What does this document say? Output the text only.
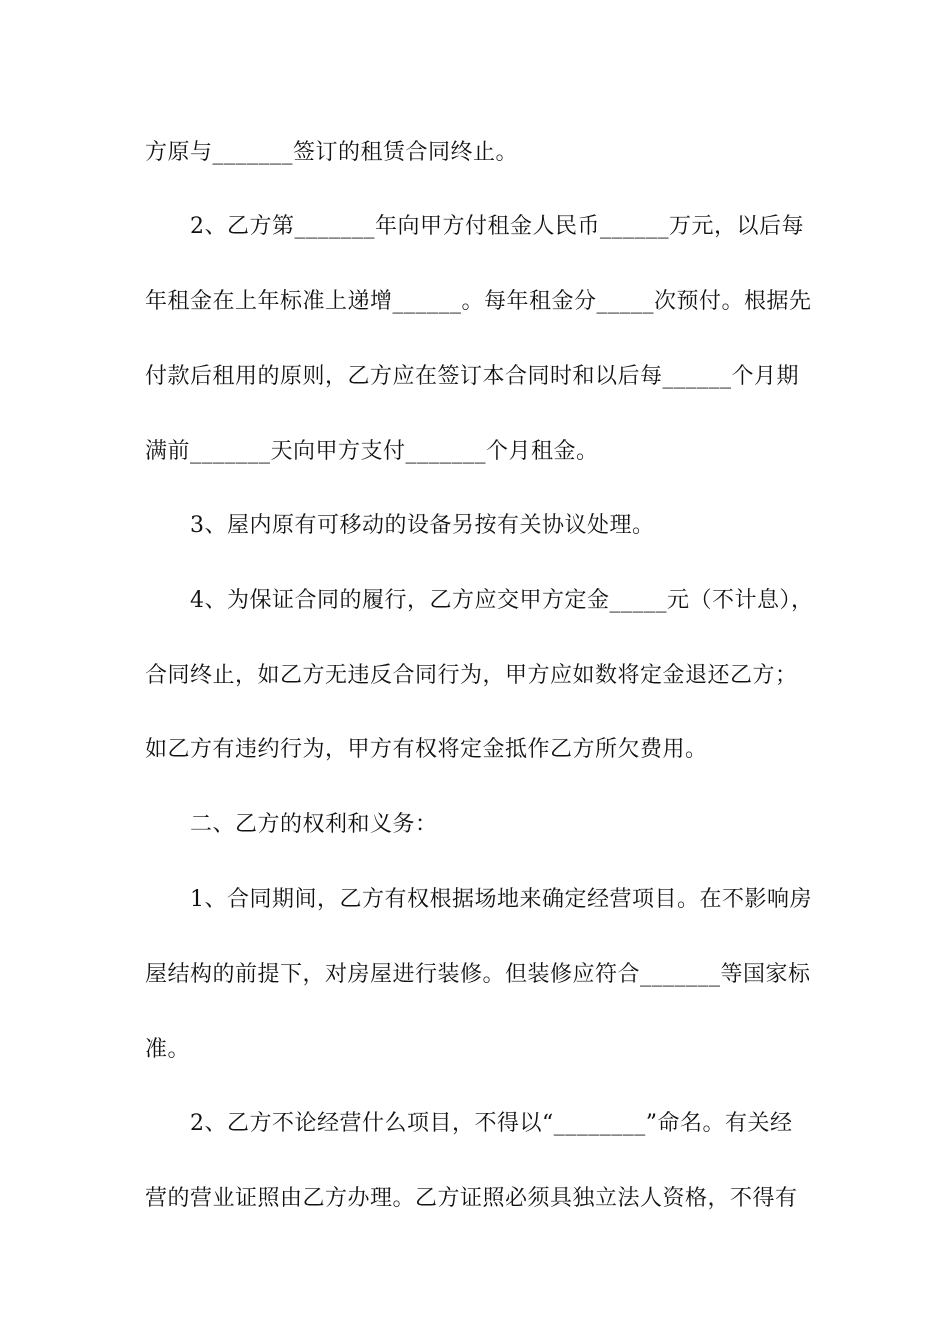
方原与_______签订的租赁合同终止。
2、乙方第_______年向甲方付租金人民币______万元，以后每
年租金在上年标准上递增______。每年租金分_____次预付。根据先
付款后租用的原则，乙方应在签订本合同时和以后每______个月期
满前_______天向甲方支付_______个月租金。
3、屋内原有可移动的设备另按有关协议处理。
4、为保证合同的履行，乙方应交甲方定金_____元（不计息），
合同终止，如乙方无违反合同行为，甲方应如数将定金退还乙方；
如乙方有违约行为，甲方有权将定金抵作乙方所欠费用。
二、乙方的权利和义务：
1、合同期间，乙方有权根据场地来确定经营项目。在不影响房
屋结构的前提下，对房屋进行装修。但装修应符合_______等国家标
准。
2、乙方不论经营什么项目，不得以“________”命名。有关经
营的营业证照由乙方办理。乙方证照必须具独立法人资格，不得有
